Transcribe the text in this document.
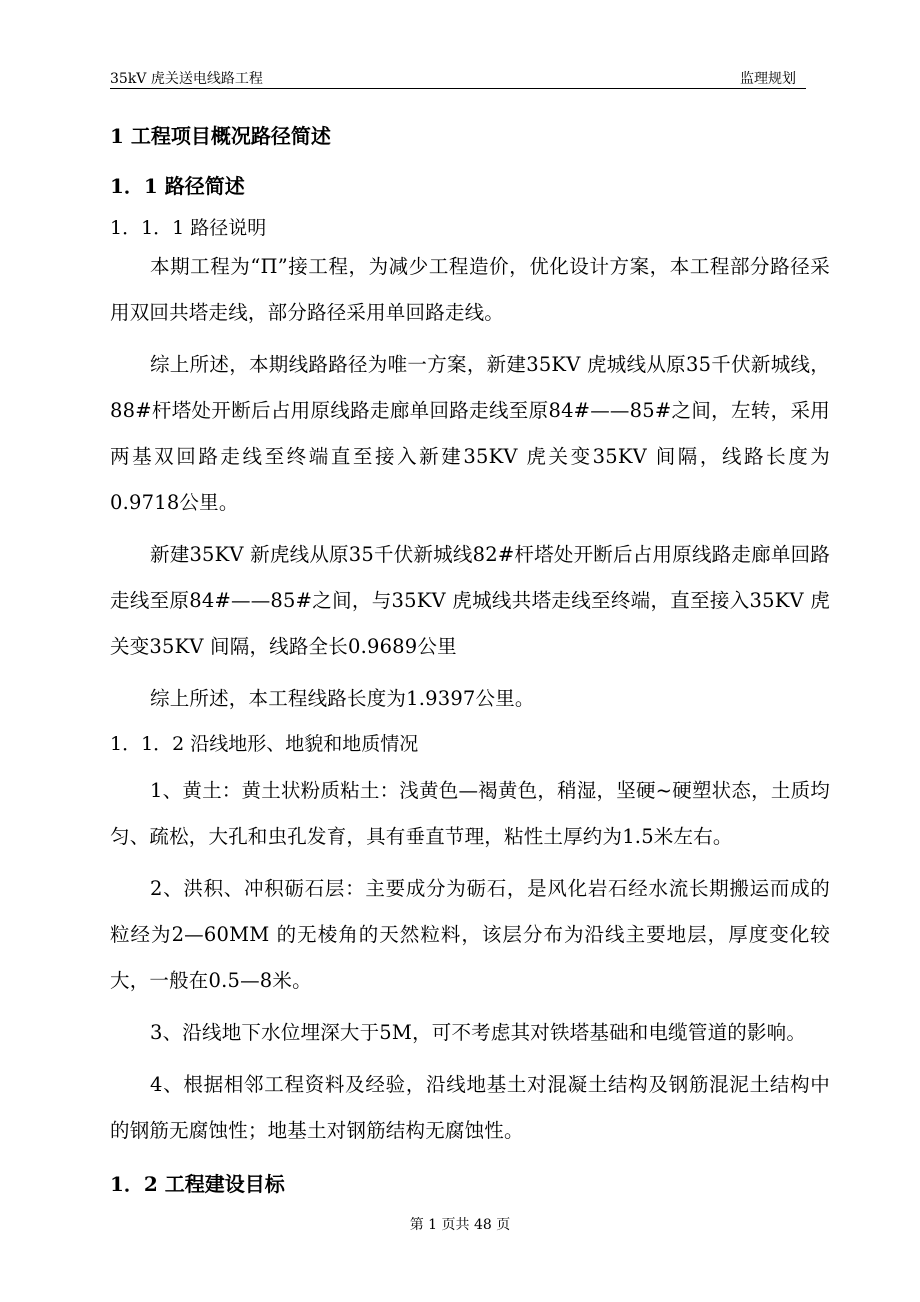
35kV 虎关送电线路工程	监理规划
1 工程项目概况路径简述
1．1 路径简述
1．1．1 路径说明

本期工程为“Π”接工程，为减少工程造价，优化设计方案，本工程部分路径采用双回共塔走线，部分路径采用单回路走线。

综上所述，本期线路路径为唯一方案，新建35KV 虎城线从原35千伏新城线，88#杆塔处开断后占用原线路走廊单回路走线至原84#——85#之间，左转，采用两基双回路走线至终端直至接入新建35KV 虎关变35KV 间隔，线路长度为0.9718公里。

新建35KV 新虎线从原35千伏新城线82#杆塔处开断后占用原线路走廊单回路走线至原84#——85#之间，与35KV 虎城线共塔走线至终端，直至接入35KV 虎关变35KV 间隔，线路全长0.9689公里

综上所述，本工程线路长度为1.9397公里。

1．1．2 沿线地形、地貌和地质情况

1、黄土：黄土状粉质粘土：浅黄色—褐黄色，稍湿，坚硬~硬塑状态，土质均匀、疏松，大孔和虫孔发育，具有垂直节理，粘性土厚约为1.5米左右。

2、洪积、冲积砺石层：主要成分为砺石，是风化岩石经水流长期搬运而成的粒经为2—60MM 的无棱角的天然粒料，该层分布为沿线主要地层，厚度变化较大，一般在0.5—8米。

3、沿线地下水位埋深大于5M，可不考虑其对铁塔基础和电缆管道的影响。

4、根据相邻工程资料及经验，沿线地基土对混凝土结构及钢筋混泥土结构中的钢筋无腐蚀性；地基土对钢筋结构无腐蚀性。

1．2 工程建设目标
第 1 页共 48 页
